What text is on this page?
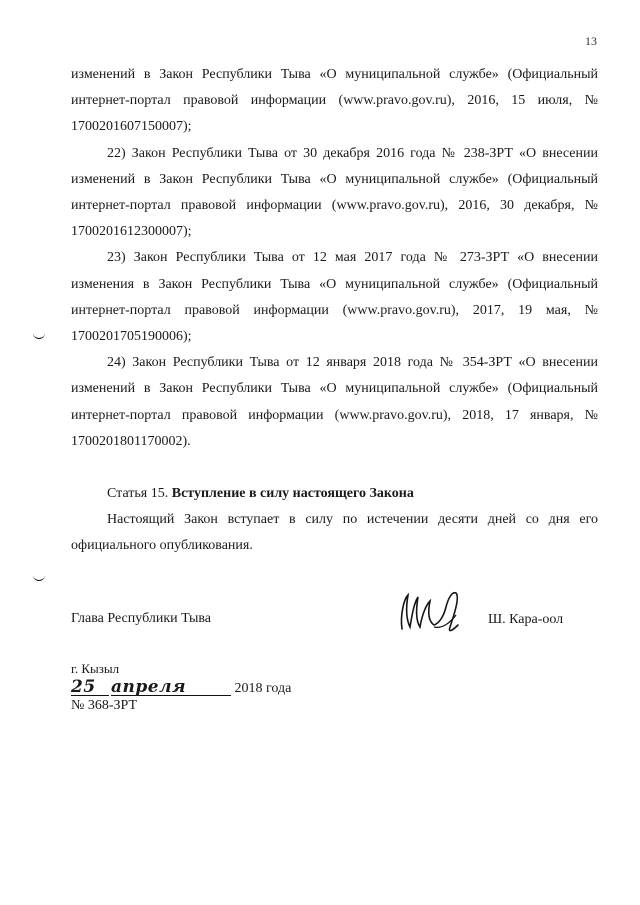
13

изменений в Закон Республики Тыва «О муниципальной службе» (Официальный интернет-портал правовой информации (www.pravo.gov.ru), 2016, 15 июля, № 1700201607150007);

22) Закон Республики Тыва от 30 декабря 2016 года № 238-ЗРТ «О внесении изменений в Закон Республики Тыва «О муниципальной службе» (Официальный интернет-портал правовой информации (www.pravo.gov.ru), 2016, 30 декабря, № 1700201612300007);

23) Закон Республики Тыва от 12 мая 2017 года № 273-ЗРТ «О внесении изменения в Закон Республики Тыва «О муниципальной службе» (Официальный интернет-портал правовой информации (www.pravo.gov.ru), 2017, 19 мая, № 1700201705190006);

24) Закон Республики Тыва от 12 января 2018 года № 354-ЗРТ «О внесении изменений в Закон Республики Тыва «О муниципальной службе» (Официальный интернет-портал правовой информации (www.pravo.gov.ru), 2018, 17 января, № 1700201801170002).

Статья 15. Вступление в силу настоящего Закона

Настоящий Закон вступает в силу по истечении десяти дней со дня его официального опубликования.

Глава Республики Тыва	Ш. Кара-оол
г. Кызыл
25 апреля	2018 года
№ 368-ЗРТ
